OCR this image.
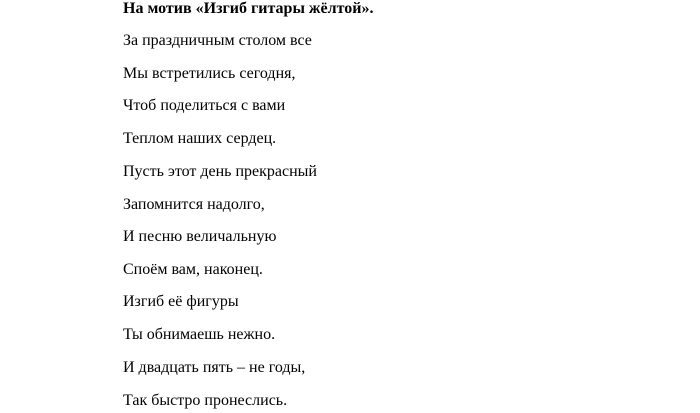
На мотив «Изгиб гитары жёлтой».
За праздничным столом все
Мы встретились сегодня,
Чтоб поделиться с вами
Теплом наших сердец.
Пусть этот день прекрасный
Запомнится надолго,
И песню величальную
Споём вам, наконец.
Изгиб её фигуры
Ты обнимаешь нежно.
И двадцать пять – не годы,
Так быстро пронеслись.
